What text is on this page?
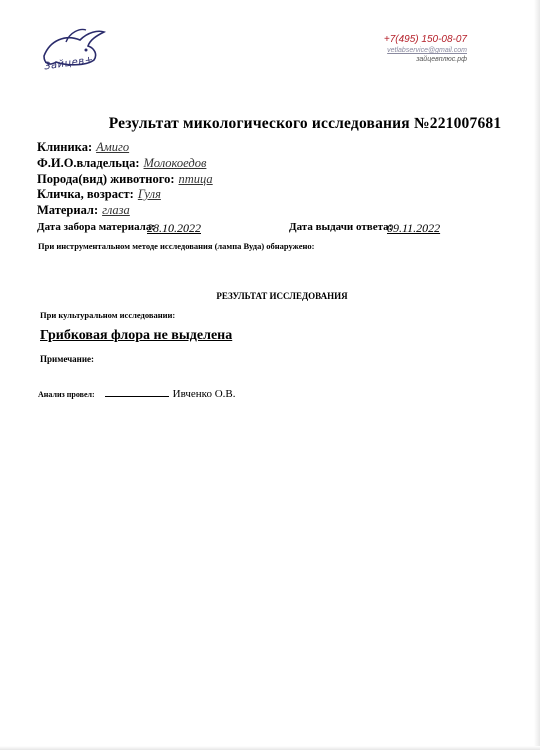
Зайцев+
+7(495) 150-08-07
vetlabservice@gmail.com
зайцевплюс.рф
Результат микологического исследования №221007681
Клиника: Амиго
Ф.И.О.владельца: Молокоедов
Порода(вид) животного: птица
Кличка, возраст: Гуля
Материал: глаза
Дата забора материала:
28.10.2022	Дата выдачи ответа:
09.11.2022
При инструментальном методе исследования (лампа Вуда) обнаружено:
РЕЗУЛЬТАТ ИССЛЕДОВАНИЯ
При культуральном исследовании:
Грибковая флора не выделена
Примечание:
Анализ провел:	Ивченко О.В.
